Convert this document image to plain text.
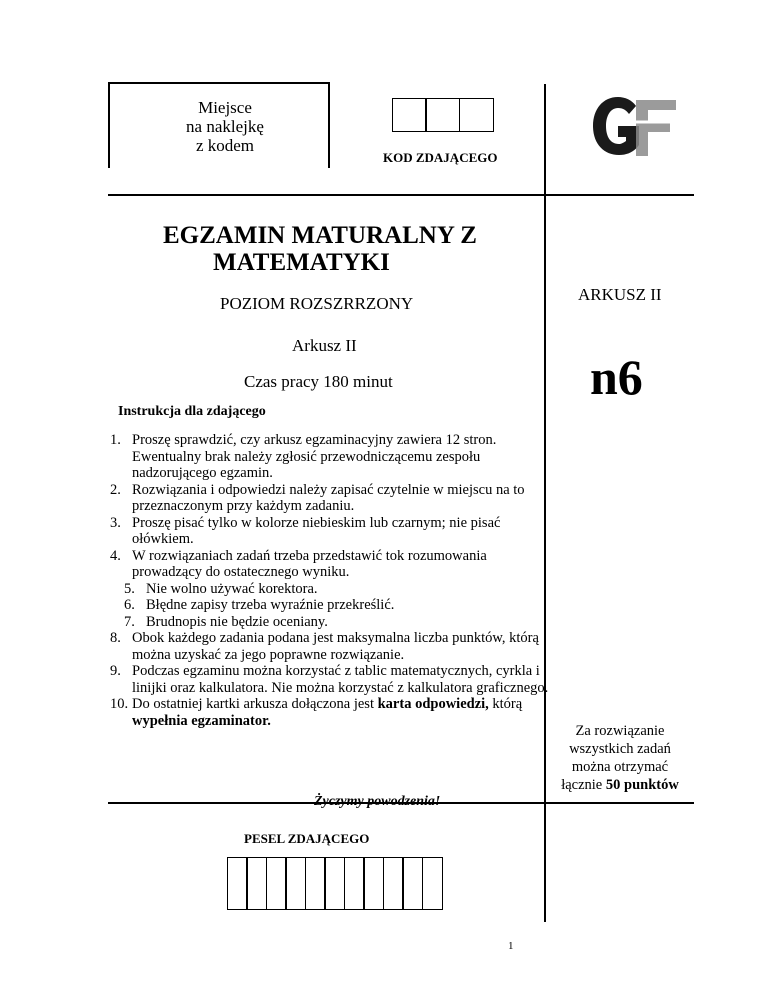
Miejsce
na naklejkę
z kodem
KOD ZDAJĄCEGO
EGZAMIN MATURALNY Z
MATEMATYKI
POZIOM ROZSZRRZONY
Arkusz II
Czas pracy 180 minut
Instrukcja dla zdającego
1. Proszę sprawdzić, czy arkusz egzaminacyjny zawiera 12 stron. Ewentualny brak należy zgłosić przewodniczącemu zespołu nadzorującego egzamin.
2. Rozwiązania i odpowiedzi należy zapisać czytelnie w miejscu na to przeznaczonym przy każdym zadaniu.
3. Proszę pisać tylko w kolorze niebieskim lub czarnym; nie pisać ołówkiem.
4. W rozwiązaniach zadań trzeba przedstawić tok rozumowania prowadzący do ostatecznego wyniku.
5. Nie wolno używać korektora.
6. Błędne zapisy trzeba wyraźnie przekreślić.
7. Brudnopis nie będzie oceniany.
8. Obok każdego zadania podana jest maksymalna liczba punktów, którą można uzyskać za jego poprawne rozwiązanie.
9. Podczas egzaminu można korzystać z tablic matematycznych, cyrkla i linijki oraz kalkulatora. Nie można korzystać z kalkulatora graficznego.
10. Do ostatniej kartki arkusza dołączona jest karta odpowiedzi, którą wypełnia egzaminator.
Życzymy powodzenia!
ARKUSZ II
n6
Za rozwiązanie
wszystkich zadań
można otrzymać
łącznie 50 punktów
PESEL ZDAJĄCEGO
1
